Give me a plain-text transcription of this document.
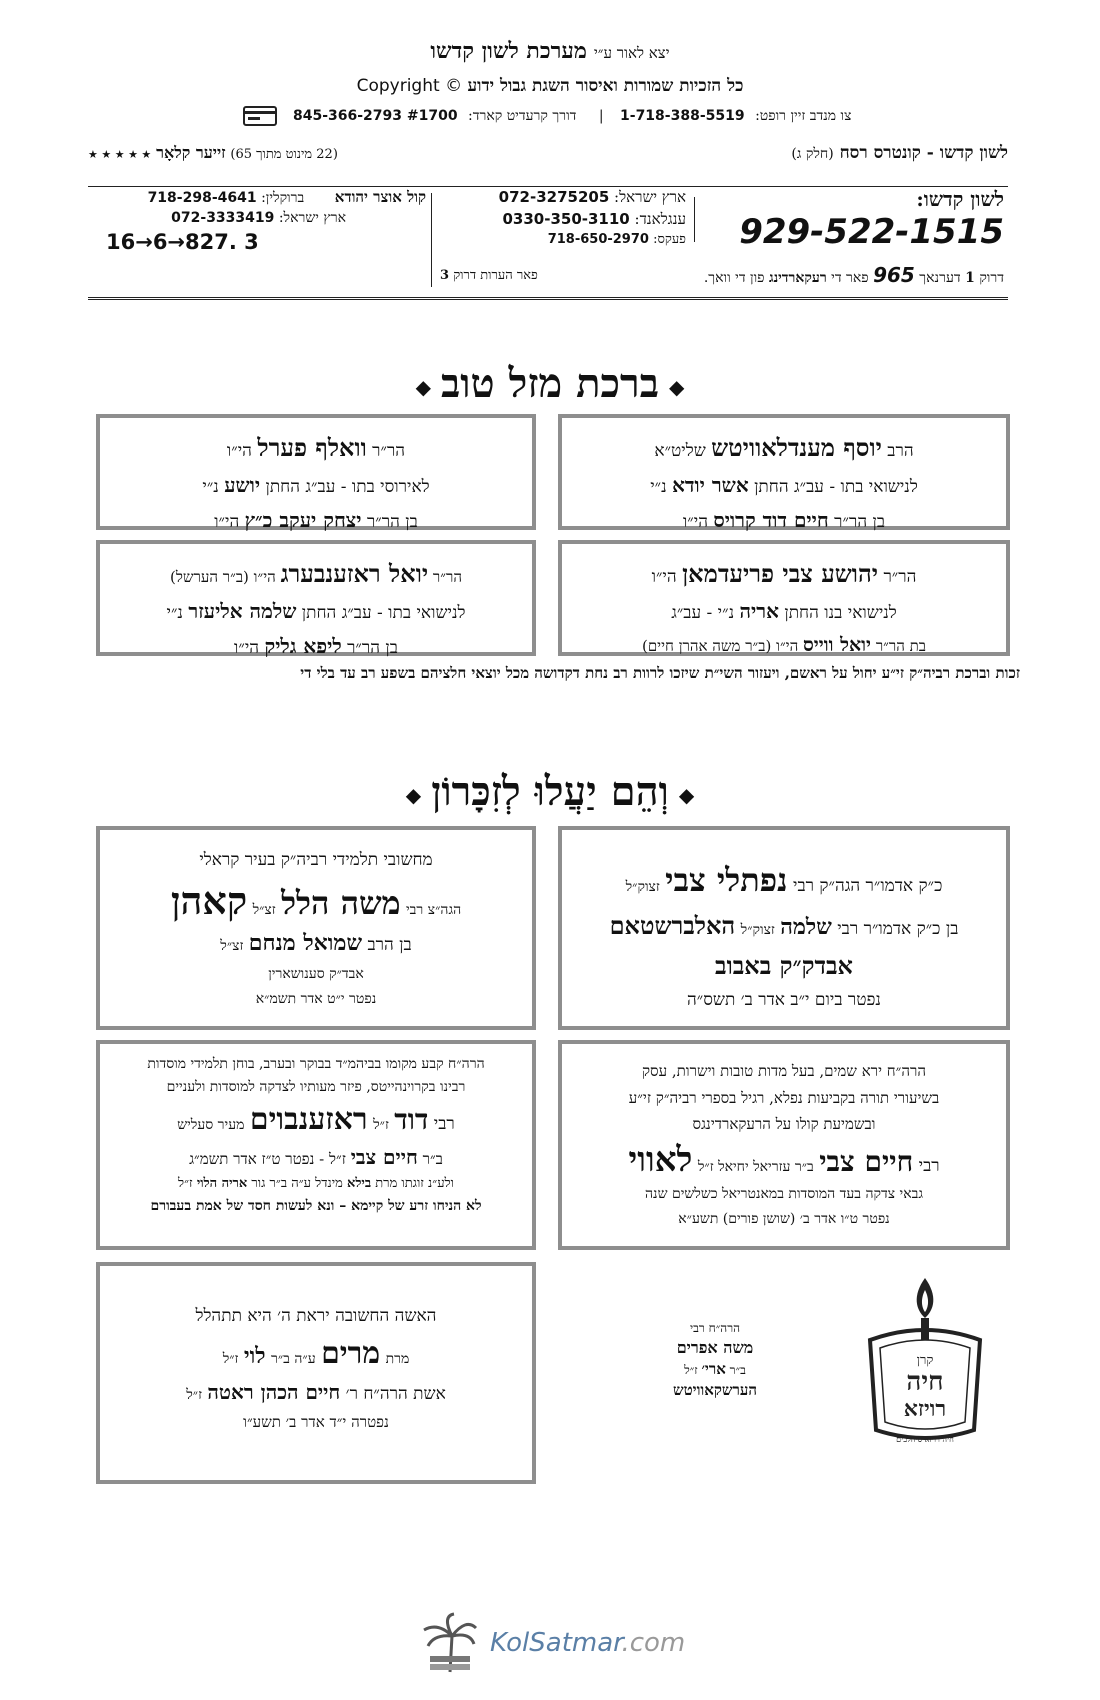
יצא לאור ע״י מערכת לשון קדשו
כל הזכיות שמורות ואיסור השגת גבול ידוע Copyright ©
צו מנדב זיין רופט: 1-718-388-5519 | דורך קרעדיט קארד: 845-366-2793 #1700
לשון קדשו - קונטרס רסח (חלק ג)
(22 מינוט מתוך 65) זייער קלאָר ★ ★ ★ ★ ★
לשון קדשו:
929-522-1515
דרוק 1 דערנאך 965 פאר די רעקארדינג פון די וואך.
ארץ ישראל: 072-3275205
ענגלאנד: 0330-350-3110
פעקס: 718-650-2970
פאר הערות דרוק 3
קול אוצר יהודא ברוקלין: 718-298-4641
ארץ ישראל: 072-3333419
16→6→827. 3
◆ברכת מזל טוב◆
הרב יוסף מענדלאוויטש שליט״א
לנישואי בתו - עב״ג החתן אשר יודא נ״י
בן הר״ר חיים דוד קרויס הי״ו
הר״ר וואלף פערל הי״ו
לאירוסי בתו - עב״ג החתן יושע נ״י
בן הר״ר יצחק יעקב כ״ץ הי״ו
הר״ר יהושע צבי פריעדמאן הי״ו
לנישואי בנו החתן אריה נ״י - עב״ג
בת הר״ר יואל ווייס הי״ו (ב״ר משה אהרן חיים)
הר״ר יואל ראזענבערג הי״ו (ב״ר הערשל)
לנישואי בתו - עב״ג החתן שלמה אליעזר נ״י
בן הר״ר ליפא גליק הי״ו
זכות וברכת רביה״ק זי״ע יחול על ראשם, ויעזור השי״ת שיזכו לרוות רב נחת דקדושה מכל יוצאי חלציהם בשפע רב עד בלי די
◆וְהֵם יַעֲלוּ לְזִכָּרוֹן◆
כ״ק אדמו״ר הגה״ק רבי נפתלי צבי זצוק״ל
בן כ״ק אדמו״ר רבי שלמה זצוק״ל האלברשטאם
אבדק״ק באבוב
נפטר ביום י״ב אדר ב׳ תשס״ה
מחשובי תלמידי רביה״ק בעיר קראלי
הגה״צ רבי משה הלל זצ״ל קאהן
בן הרב שמואל מנחם זצ״ל
אבד״ק סענושארין
נפטר י״ט אדר תשמ״א
הרה״ח ירא שמים, בעל מדות טובות וישרות, עסק
בשיעורי תורה בקביעות נפלא, רגיל בספרי רביה״ק זי״ע
ובשמיעת קולו על הרעקארדינגס
רבי חיים צבי ב״ר עזריאל יחיאל ז״ל לאווי
גבאי צדקה בעד המוסדות במאנטריאל כשלשים שנה
נפטר ט״ו אדר ב׳ (שושן פורים) תשע״א
הרה״ח קבע מקומו בביהמ״ד בבוקר ובערב, בוחן תלמידי מוסדות
רבינו בקרוינהייטס, פיזר מעותיו לצדקה למוסדות ולעניים
רבי דוד ז״ל ראזענבוים מעיר סעליש
ב״ר חיים צבי ז״ל - נפטר ט״ז אדר תשמ״ג
ולע״נ זוגתו מרת בילא מינדל ע״ה ב״ר גור אריה הלוי ז״ל
לא הניחו זרע של קיימא – ונא לעשות חסד של אמת בעבורם
האשה החשובה יראת ה׳ היא תתהלל
מרת מרים ע״ה ב״ר לוי ז״ל
אשת הרה״ח ר׳ חיים הכהן ראטה ז״ל
נפטרה י״ד אדר ב׳ תשע״ו
הרה״ח רבי
משה אפרים
ב״ר ארי׳ ז״ל
הערשקאוויטש
קרן
חיה
רויזא
חיה רויזא סיחלבים
KolSatmar.com
